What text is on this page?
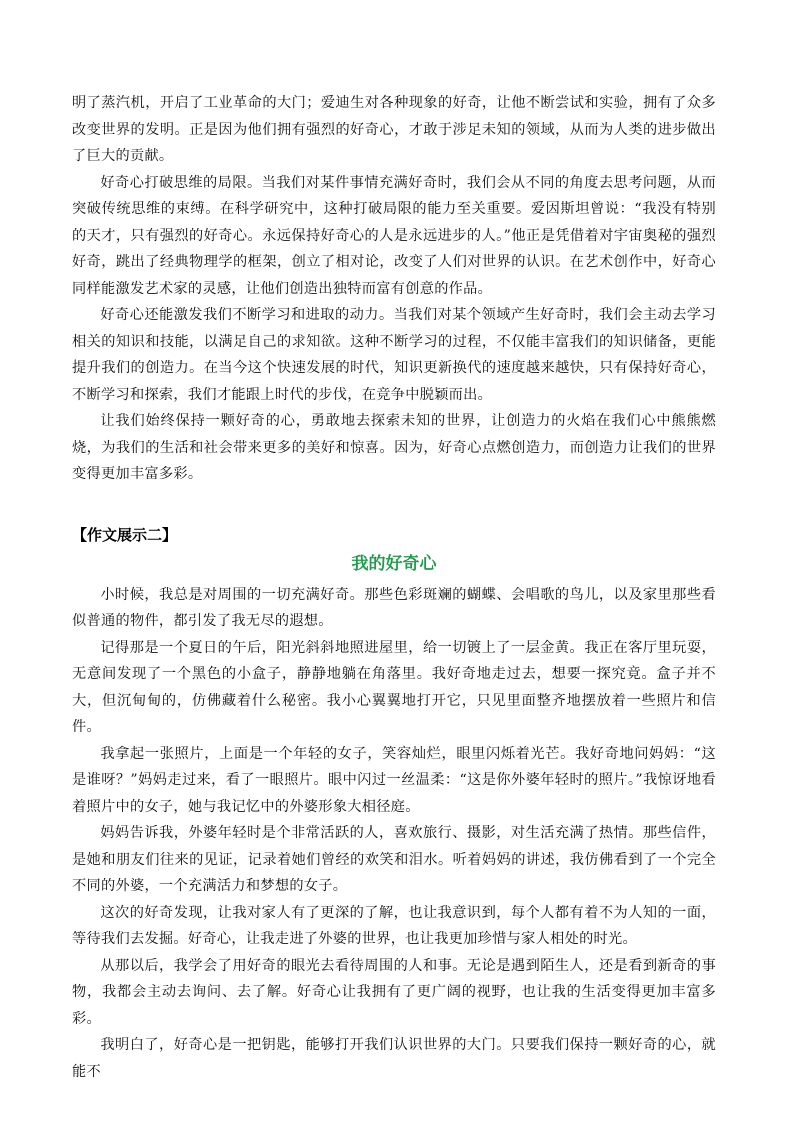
明了蒸汽机，开启了工业革命的大门；爱迪生对各种现象的好奇，让他不断尝试和实验，拥有了众多改变世界的发明。正是因为他们拥有强烈的好奇心，才敢于涉足未知的领域，从而为人类的进步做出了巨大的贡献。

好奇心打破思维的局限。当我们对某件事情充满好奇时，我们会从不同的角度去思考问题，从而突破传统思维的束缚。在科学研究中，这种打破局限的能力至关重要。爱因斯坦曾说：“我没有特别的天才，只有强烈的好奇心。永远保持好奇心的人是永远进步的人。”他正是凭借着对宇宙奥秘的强烈好奇，跳出了经典物理学的框架，创立了相对论，改变了人们对世界的认识。在艺术创作中，好奇心同样能激发艺术家的灵感，让他们创造出独特而富有创意的作品。

好奇心还能激发我们不断学习和进取的动力。当我们对某个领域产生好奇时，我们会主动去学习相关的知识和技能，以满足自己的求知欲。这种不断学习的过程，不仅能丰富我们的知识储备，更能提升我们的创造力。在当今这个快速发展的时代，知识更新换代的速度越来越快，只有保持好奇心，不断学习和探索，我们才能跟上时代的步伐，在竞争中脱颖而出。

让我们始终保持一颗好奇的心，勇敢地去探索未知的世界，让创造力的火焰在我们心中熊熊燃烧，为我们的生活和社会带来更多的美好和惊喜。因为，好奇心点燃创造力，而创造力让我们的世界变得更加丰富多彩。

【作文展示二】
我的好奇心

小时候，我总是对周围的一切充满好奇。那些色彩斑斓的蝴蝶、会唱歌的鸟儿，以及家里那些看似普通的物件，都引发了我无尽的遐想。

记得那是一个夏日的午后，阳光斜斜地照进屋里，给一切镀上了一层金黄。我正在客厅里玩耍，无意间发现了一个黑色的小盒子，静静地躺在角落里。我好奇地走过去，想要一探究竟。盒子并不大，但沉甸甸的，仿佛藏着什么秘密。我小心翼翼地打开它，只见里面整齐地摆放着一些照片和信件。

我拿起一张照片，上面是一个年轻的女子，笑容灿烂，眼里闪烁着光芒。我好奇地问妈妈：“这是谁呀？”妈妈走过来，看了一眼照片。眼中闪过一丝温柔：“这是你外婆年轻时的照片。”我惊讶地看着照片中的女子，她与我记忆中的外婆形象大相径庭。

妈妈告诉我，外婆年轻时是个非常活跃的人，喜欢旅行、摄影，对生活充满了热情。那些信件，是她和朋友们往来的见证，记录着她们曾经的欢笑和泪水。听着妈妈的讲述，我仿佛看到了一个完全不同的外婆，一个充满活力和梦想的女子。

这次的好奇发现，让我对家人有了更深的了解，也让我意识到，每个人都有着不为人知的一面，等待我们去发掘。好奇心，让我走进了外婆的世界，也让我更加珍惜与家人相处的时光。

从那以后，我学会了用好奇的眼光去看待周围的人和事。无论是遇到陌生人，还是看到新奇的事物，我都会主动去询问、去了解。好奇心让我拥有了更广阔的视野，也让我的生活变得更加丰富多彩。

我明白了，好奇心是一把钥匙，能够打开我们认识世界的大门。只要我们保持一颗好奇的心，就能不
